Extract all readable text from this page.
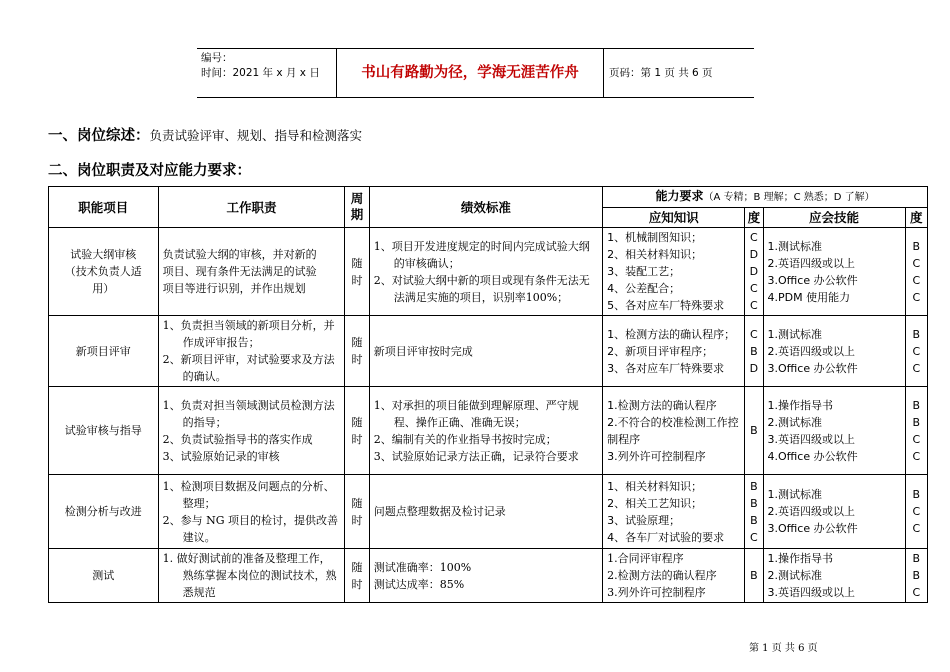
编号：
时间：2021 年 x 月 x 日	书山有路勤为径，学海无涯苦作舟	页码：第 1 页 共 6 页
一、岗位综述：负责试验评审、规划、指导和检测落实
二、岗位职责及对应能力要求：
职能项目	工作职责	周期	绩效标准	能力要求（A 专精；B 理解；C 熟悉；D 了解）			
				应知知识	度	应会技能	度

试验大纲审核
（技术负责人适
用）	负责试验大纲的审核，并对新的
项目、现有条件无法满足的试验
项目等进行识别，并作出规划	随
时	1、项目开发进度规定的时间内完成试验大纲的审核确认；
2、对试验大纲中新的项目或现有条件无法无法满足实施的项目，识别率100%；	1、机械制图知识；
2、相关材料知识；
3、装配工艺；
4、公差配合；
5、各对应车厂特殊要求	C
D
D
C
C	1.测试标准
2.英语四级或以上
3.Office 办公软件
4.PDM 使用能力	B
C
C
C

新项目评审	1、负责担当领域的新项目分析，并作成评审报告；
2、新项目评审，对试验要求及方法的确认。	随
时	新项目评审按时完成	1、检测方法的确认程序；
2、新项目评审程序；
3、各对应车厂特殊要求	C
B
D	1.测试标准
2.英语四级或以上
3.Office 办公软件	B
C
C

试验审核与指导	1、负责对担当领域测试员检测方法的指导；
2、负责试验指导书的落实作成
3、试验原始记录的审核	随
时	1、对承担的项目能做到理解原理、严守规程、操作正确、准确无误；
2、编制有关的作业指导书按时完成；
3、试验原始记录方法正确，记录符合要求	1.检测方法的确认程序
2.不符合的校准检测工作控制程序
3.列外许可控制程序	B	1.操作指导书
2.测试标准
3.英语四级或以上
4.Office 办公软件	B
B
C
C

检测分析与改进	1、检测项目数据及问题点的分析、整理；
2、参与 NG 项目的检讨，提供改善建议。	随
时	问题点整理数据及检讨记录	1、相关材料知识；
2、相关工艺知识；
3、试验原理；
4、各车厂对试验的要求	B
B
B
C	1.测试标准
2.英语四级或以上
3.Office 办公软件	B
C
C

测试	1. 做好测试前的准备及整理工作，熟练掌握本岗位的测试技术，熟悉规范	随
时	测试准确率：100%
测试达成率：85%	1.合同评审程序
2.检测方法的确认程序
3.列外许可控制程序	B	1.操作指导书
2.测试标准
3.英语四级或以上	B
B
C
第 1 页 共 6 页
